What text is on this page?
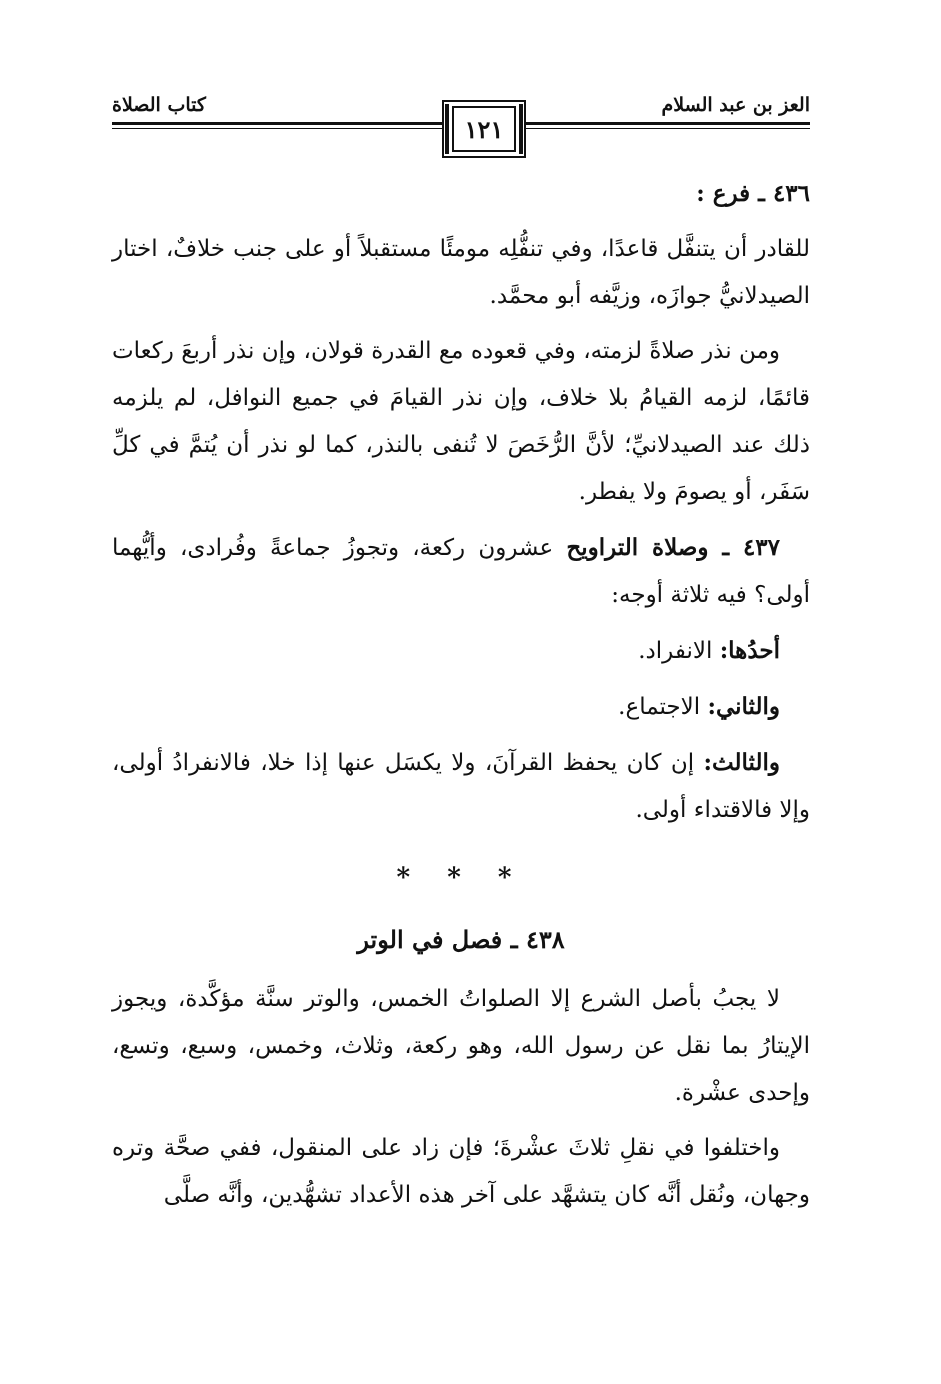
العز بن عبد السلام
كتاب الصلاة
١٢١

٤٣٦ ـ فرع :

للقادر أن يتنفَّل قاعدًا، وفي تنفُّلِه مومئًا مستقبلاً أو على جنب خلافٌ، اختار الصيدلانيُّ جوازَه، وزيَّفه أبو محمَّد.

ومن نذر صلاةً لزمته، وفي قعوده مع القدرة قولان، وإن نذر أربعَ ركعات قائمًا، لزمه القيامُ بلا خلاف، وإن نذر القيامَ في جميع النوافل، لم يلزمه ذلك عند الصيدلانيِّ؛ لأنَّ الرُّخَصَ لا تُنفى بالنذر، كما لو نذر أن يُتمَّ في كلِّ سَفَر، أو يصومَ ولا يفطر.

٤٣٧ ـ وصلاة التراويح عشرون ركعة، وتجوزُ جماعةً وفُرادى، وأيُّهما أولى؟ فيه ثلاثة أوجه:

أحدُها: الانفراد.

والثاني: الاجتماع.

والثالث: إن كان يحفظ القرآنَ، ولا يكسَل عنها إذا خلا، فالانفرادُ أولى، وإلا فالاقتداء أولى.

* * *
٤٣٨ ـ فصل في الوتر

لا يجبُ بأصل الشرع إلا الصلواتُ الخمس، والوتر سنَّة مؤكَّدة، ويجوز الإيتارُ بما نقل عن رسول الله، وهو ركعة، وثلاث، وخمس، وسبع، وتسع، وإحدى عشْرة.

واختلفوا في نقلِ ثلاثَ عشْرةَ؛ فإن زاد على المنقول، ففي صحَّة وتره وجهان، ونُقل أنَّه كان يتشهَّد على آخر هذه الأعداد تشهُّدين، وأنَّه صلَّى
